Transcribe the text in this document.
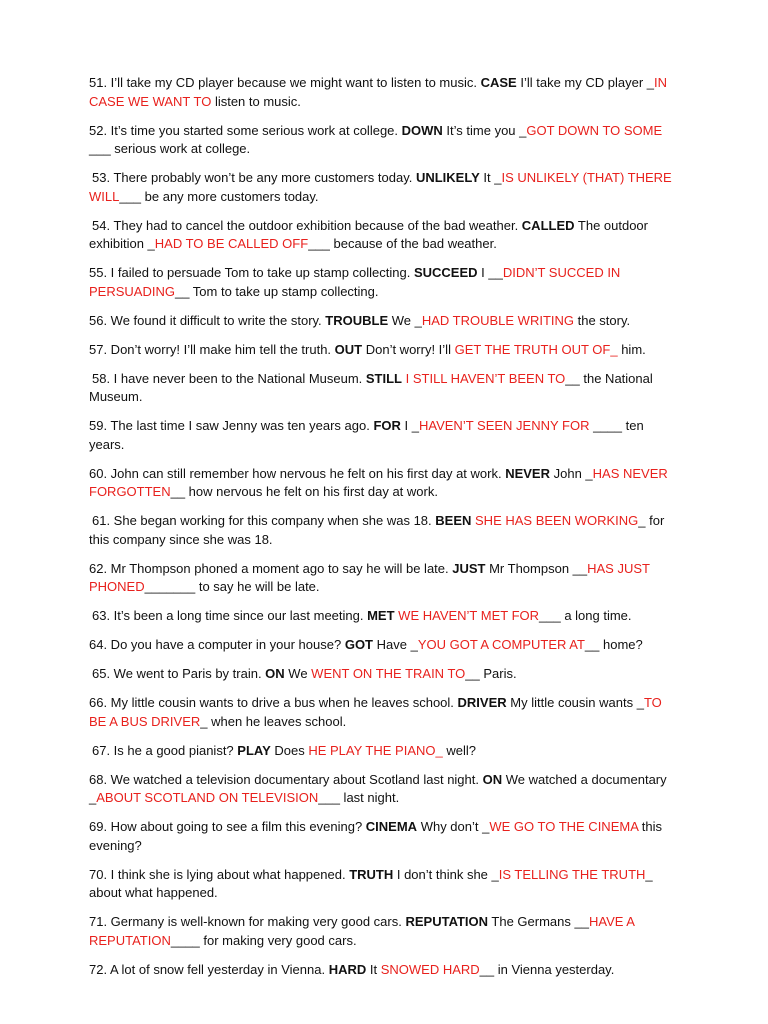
51. I’ll take my CD player because we might want to listen to music. CASE I’ll take my CD player _IN CASE WE WANT TO listen to music.
52. It’s time you started some serious work at college. DOWN It’s time you _GOT DOWN TO SOME ___ serious work at college.
53. There probably won’t be any more customers today. UNLIKELY It _IS UNLIKELY (THAT) THERE WILL___ be any more customers today.
54. They had to cancel the outdoor exhibition because of the bad weather. CALLED The outdoor exhibition _HAD TO BE CALLED OFF___ because of the bad weather.
55. I failed to persuade Tom to take up stamp collecting. SUCCEED I __DIDN’T SUCCED IN PERSUADING__ Tom to take up stamp collecting.
56. We found it difficult to write the story. TROUBLE We _HAD TROUBLE WRITING the story.
57. Don’t worry! I’ll make him tell the truth. OUT Don’t worry! I’ll GET THE TRUTH OUT OF_ him.
58. I have never been to the National Museum. STILL I STILL HAVEN’T BEEN TO__ the National Museum.
59. The last time I saw Jenny was ten years ago. FOR I _HAVEN’T SEEN JENNY FOR ____ ten years.
60. John can still remember how nervous he felt on his first day at work. NEVER John _HAS NEVER FORGOTTEN__ how nervous he felt on his first day at work.
61. She began working for this company when she was 18. BEEN SHE HAS BEEN WORKING_ for this company since she was 18.
62. Mr Thompson phoned a moment ago to say he will be late. JUST Mr Thompson __HAS JUST PHONED_______ to say he will be late.
63. It’s been a long time since our last meeting. MET WE HAVEN’T MET FOR___ a long time.
64. Do you have a computer in your house? GOT Have _YOU GOT A COMPUTER AT__ home?
65. We went to Paris by train. ON We WENT ON THE TRAIN TO__ Paris.
66. My little cousin wants to drive a bus when he leaves school. DRIVER My little cousin wants _TO BE A BUS DRIVER_ when he leaves school.
67. Is he a good pianist? PLAY Does HE PLAY THE PIANO_ well?
68. We watched a television documentary about Scotland last night. ON We watched a documentary _ABOUT SCOTLAND ON TELEVISION___ last night.
69. How about going to see a film this evening? CINEMA Why don’t _WE GO TO THE CINEMA this evening?
70. I think she is lying about what happened. TRUTH I don’t think she _IS TELLING THE TRUTH_ about what happened.
71. Germany is well-known for making very good cars. REPUTATION The Germans __HAVE A REPUTATION____ for making very good cars.
72. A lot of snow fell yesterday in Vienna. HARD It SNOWED HARD__ in Vienna yesterday.
